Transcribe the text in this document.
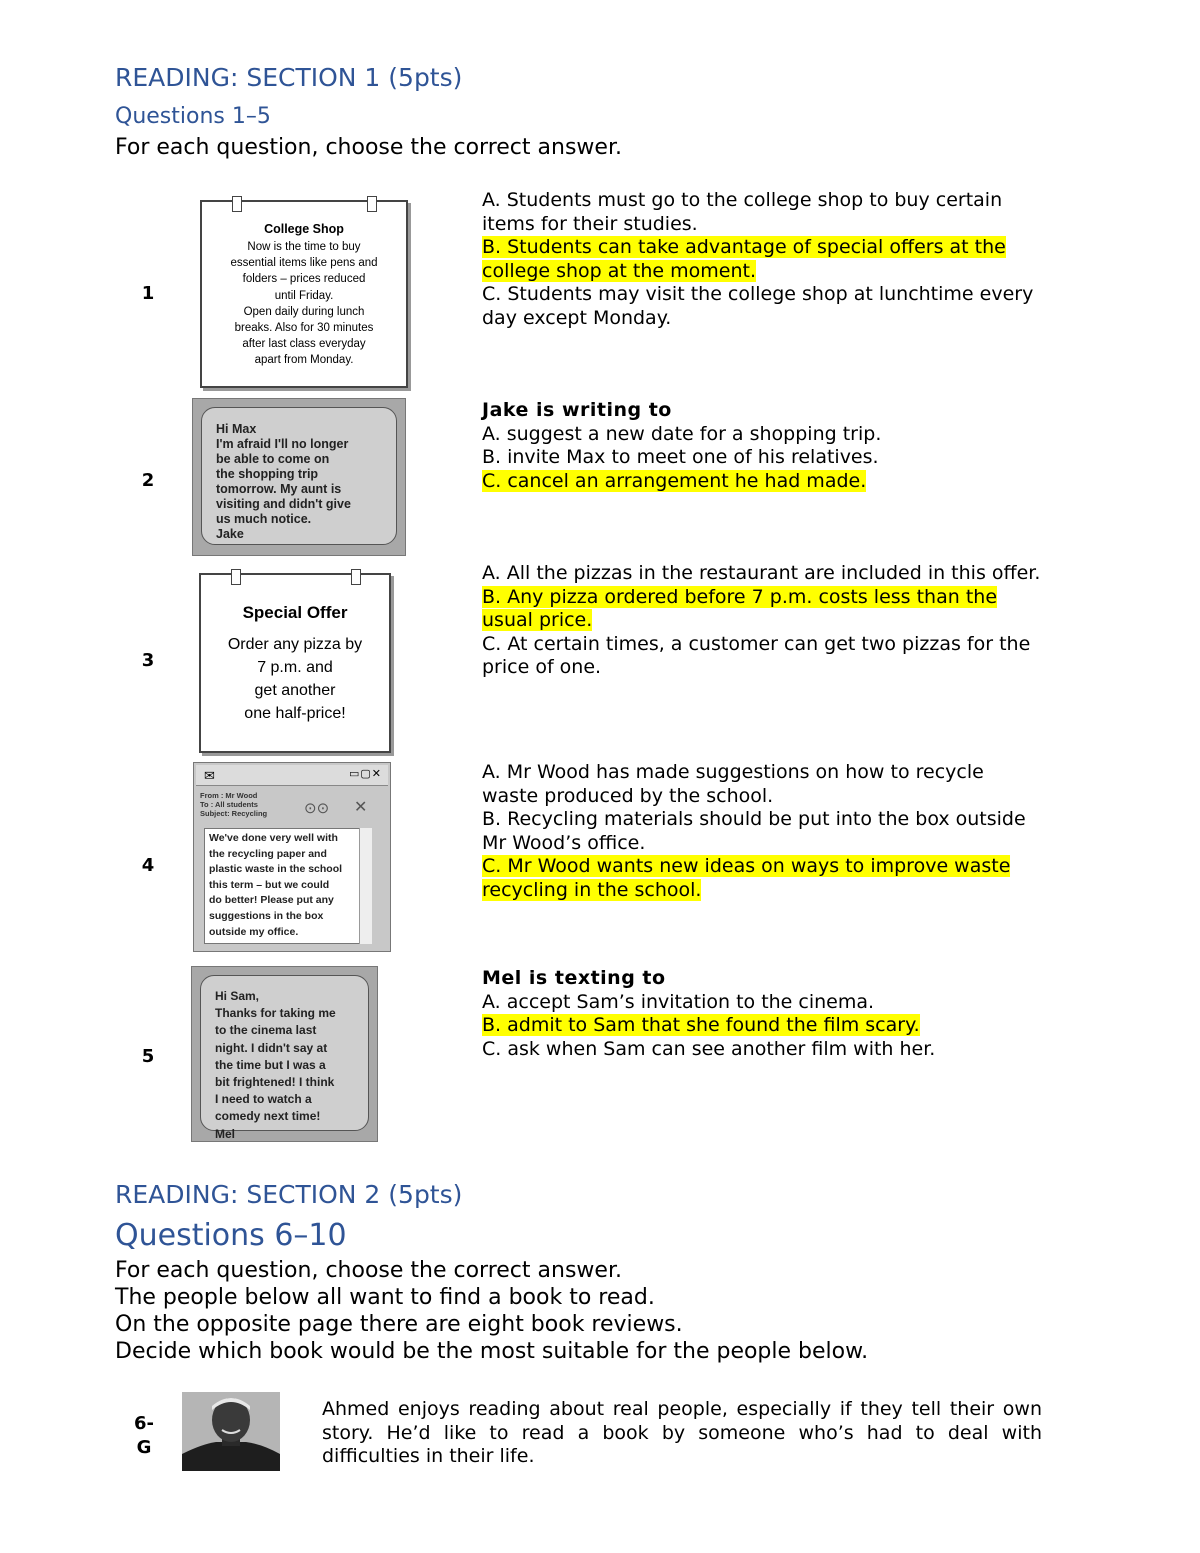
READING: SECTION 1 (5pts)
Questions 1–5
For each question, choose the correct answer.
1
College Shop
Now is the time to buy
essential items like pens and
folders – prices reduced
until Friday.
Open daily during lunch
breaks. Also for 30 minutes
after last class everyday
apart from Monday.
A. Students must go to the college shop to buy certain items for their studies.
B. Students can take advantage of special offers at the college shop at the moment.
C. Students may visit the college shop at lunchtime every day except Monday.
2
Hi Max
I'm afraid I'll no longer
be able to come on
the shopping trip
tomorrow. My aunt is
visiting and didn't give
us much notice.
Jake
Jake is writing to
A. suggest a new date for a shopping trip.
B. invite Max to meet one of his relatives.
C. cancel an arrangement he had made.
3
Special Offer
Order any pizza by
7 p.m. and
get another
one half-price!
A. All the pizzas in the restaurant are included in this offer.
B. Any pizza ordered before 7 p.m. costs less than the usual price.
C. At certain times, a customer can get two pizzas for the price of one.
4
✉	▭▢✕
From : Mr Wood
To : All students
Subject: Recycling	⊙⊙ ✕
We've done very well with
the recycling paper and
plastic waste in the school
this term – but we could
do better! Please put any
suggestions in the box
outside my office.
A. Mr Wood has made suggestions on how to recycle waste produced by the school.
B. Recycling materials should be put into the box outside Mr Wood’s office.
C. Mr Wood wants new ideas on ways to improve waste recycling in the school.
5
Hi Sam,
Thanks for taking me
to the cinema last
night. I didn't say at
the time but I was a
bit frightened! I think
I need to watch a
comedy next time!
Mel
Mel is texting to
A. accept Sam’s invitation to the cinema.
B. admit to Sam that she found the film scary.
C. ask when Sam can see another film with her.
READING: SECTION 2 (5pts)
Questions 6–10
For each question, choose the correct answer.
The people below all want to find a book to read.
On the opposite page there are eight book reviews.
Decide which book would be the most suitable for the people below.
6-
G
Ahmed enjoys reading about real people, especially if they tell their own story. He’d like to read a book by someone who’s had to deal with difficulties in their life.
